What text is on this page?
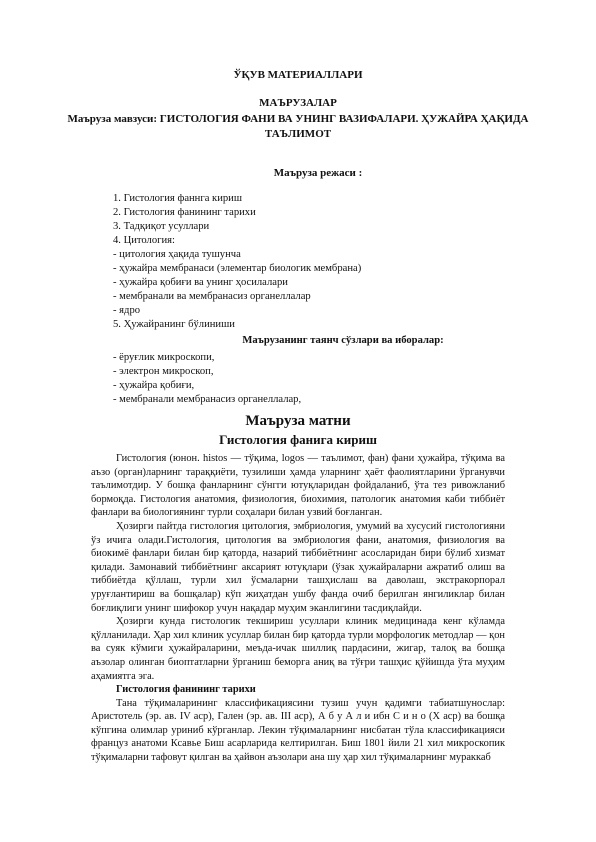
ЎҚУВ МАТЕРИАЛЛАРИ
МАЪРУЗАЛАР
Маъруза мавзуси: ГИСТОЛОГИЯ ФАНИ ВА УНИНГ ВАЗИФАЛАРИ. ҲУЖАЙРА ҲАҚИДА ТАЪЛИМОТ
Маъруза режаси :
1. Гистология фаннга кириш
2. Гистология фанининг тарихи
3. Тадқиқот усуллари
4. Цитология:
- цитология ҳақида тушунча
- ҳужайра мембранаси (элементар биологик мембрана)
- ҳужайра қобиғи ва унинг ҳосилалари
- мембранали ва мембранасиз органеллалар
- ядро
5. Ҳужайранинг бўлиниши
Маърузанинг таянч сўзлари ва иборалар:
- ёруғлик микроскопи,
- электрон микроскоп,
- ҳужайра қобиғи,
- мембранали мембранасиз органеллалар,
Маъруза матни
Гистология фанига кириш

Гистология (юнон. histos — тўқима, logos — таълимот, фан) фани ҳужайра, тўқима ва аъзо (орган)ларнинг тараққиёти, тузилиши ҳамда уларнинг ҳаёт фаолиятларини ўрганувчи таълимотдир. У бошқа фанларнинг сўнгги ютуқларидан фойдаланиб, ўта тез ривожланиб бормоқда. Гистология анатомия, физиология, биохимия, патологик анатомия каби тиббиёт фанлари ва биологиянинг турли соҳалари билан узвий боғланган.

Ҳозирги пайтда гистология цитология, эмбриология, умумий ва хусусий гистологияни ўз ичига олади.Гистология, цитология ва эмбриология фани, анатомия, физиология ва биокимё фанлари билан бир қаторда, назарий тиббиётнинг асосларидан бири бўлиб хизмат қилади. Замонавий тиббиётнинг аксарият ютуқлари (ўзак ҳужайраларни ажратиб олиш ва тиббиётда қўллаш, турли хил ўсмаларни ташҳислаш ва даволаш, экстракорпорал уруғлантириш ва бошқалар) кўп жиҳатдан ушбу фанда очиб берилган янгиликлар билан боғлиқлиги унинг шифокор учун нақадар муҳим эканлигини тасдиқлайди.

Ҳозирги кунда гистологик текшириш усуллари клиник медицинада кенг кўламда қўлланилади. Ҳар хил клиник усуллар билан бир қаторда турли морфологик методлар — қон ва суяк кўмиги ҳужайраларини, меъда-ичак шиллиқ пардасини, жигар, талоқ ва бошқа аъзолар олинган биоптатларни ўрганиш беморга аниқ ва тўғри ташҳис қўйишда ўта муҳим аҳамиятга эга.

Гистология фанининг тарихи

Тана тўқималарининг классификациясини тузиш учун қадимги табиатшунослар: Аристотель (эр. ав. IV аср), Гален (эр. ав. III аср), А б у А л и ибн С и н о (X аср) ва бошқа кўпгина олимлар уриниб кўрганлар. Лекин тўқималарнинг нисбатан тўла классификацияси француз анатоми Ксавье Биш асарларида келтирилган. Биш 1801 йили 21 хил микроскопик тўқималарни тафовут қилган ва ҳайвон аъзолари ана шу ҳар хил тўқималарнинг мураккаб
